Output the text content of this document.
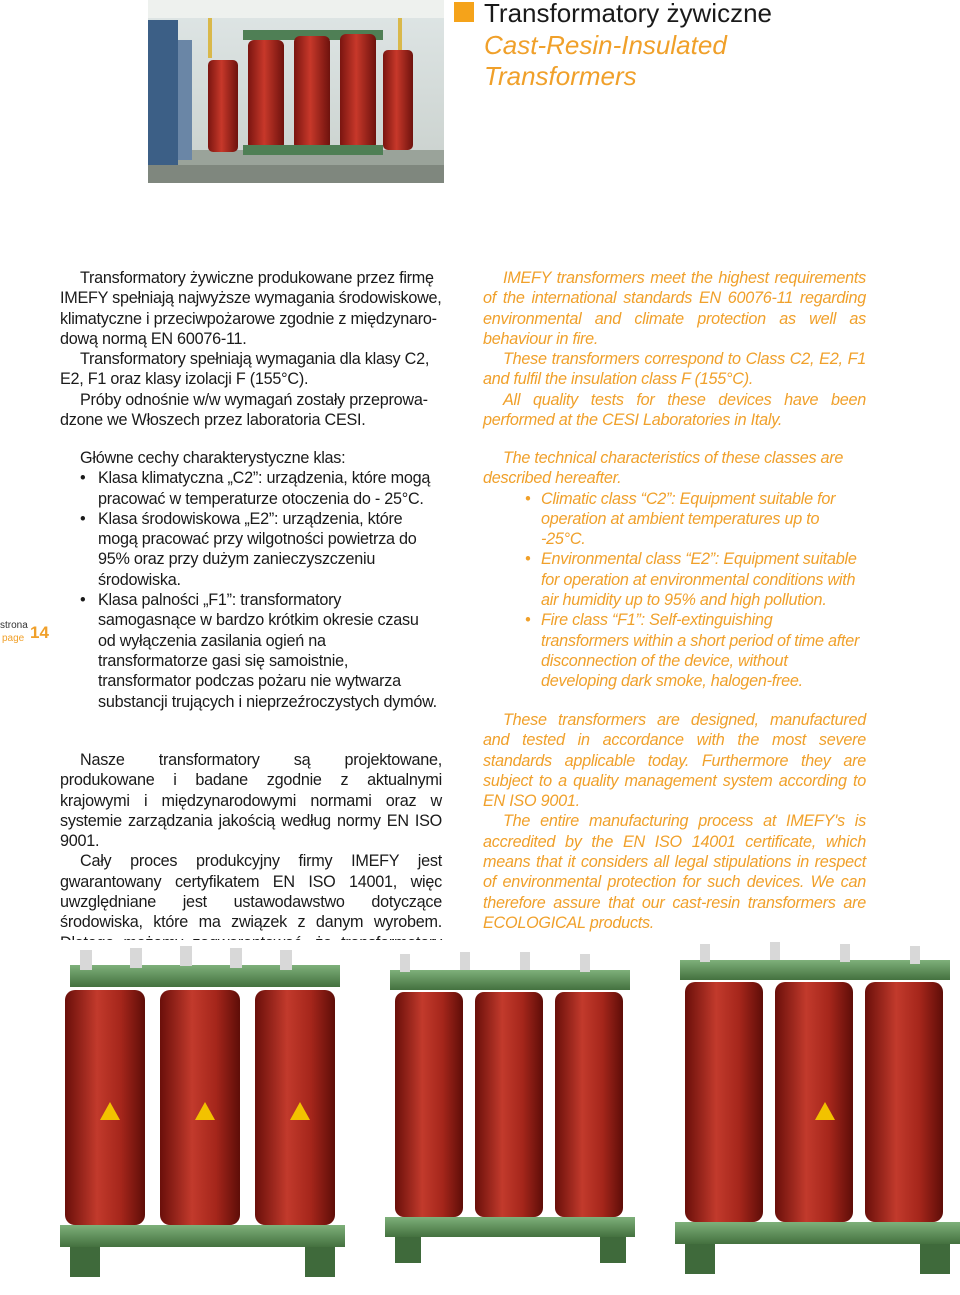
Transformatory żywiczne
Cast-Resin-Insulated
Transformers
strona
page 14
Transformatory żywiczne produkowane przez firmę
IMEFY spełniają najwyższe wymagania środowiskowe,
klimatyczne i przeciwpożarowe zgodnie z międzynaro-
dową normą EN 60076-11.
Transformatory spełniają wymagania dla klasy C2,
E2, F1 oraz klasy izolacji F (155°C).
Próby odnośnie w/w wymagań zostały przeprowa-
dzone we Włoszech przez laboratoria CESI.

Główne cechy charakterystyczne klas:

• Klasa klimatyczna „C2”: urządzenia, które mogą pracować w temperaturze otoczenia do - 25°C.
• Klasa środowiskowa „E2”: urządzenia, które mogą pracować przy wilgotności powietrza do 95% oraz przy dużym zanieczyszczeniu środowiska.
• Klasa palności „F1”: transformatory samogasnące w bardzo krótkim okresie czasu od wyłączenia zasilania ogień na transformatorze gasi się samoistnie, transformator podczas pożaru nie wytwarza substancji trujących i nieprzeźroczystych dymów.

Nasze transformatory są projektowane, produkowane i badane zgodnie z aktualnymi krajowymi i międzynarodowymi normami oraz w systemie zarządzania jakością według normy EN ISO 9001.

Cały proces produkcyjny firmy IMEFY jest gwarantowany certyfikatem EN ISO 14001, więc uwzględniane jest ustawodawstwo dotyczące środowiska, które ma związek z danym wyrobem.

IMEFY transformers meet the highest requirements of the international standards EN 60076-11 regarding environmental and climate protection as well as behaviour in fire.

These transformers correspond to Class C2, E2, F1 and fulfil the insulation class F (155°C).

All quality tests for these devices have been performed at the CESI Laboratories in Italy.

The technical characteristics of these classes are described hereafter.

• Climatic class “C2”: Equipment suitable for operation at ambient temperatures up to -25°C.
• Environmental class “E2”: Equipment suitable for operation at environmental conditions with air humidity up to 95% and high pollution.
• Fire class “F1”: Self-extinguishing transformers within a short period of time after disconnection of the device, without developing dark smoke, halogen-free.

These transformers are designed, manufactured and tested in accordance with the most severe standards applicable today. Furthermore they are subject to a quality management system according to EN ISO 9001.

The entire manufacturing process at IMEFY's is accredited by the EN ISO 14001 certificate, which means that it considers all legal stipulations in respect of environmental protection for such devices. We can therefore assure that our cast-resin transformers are ECOLOGICAL products.
